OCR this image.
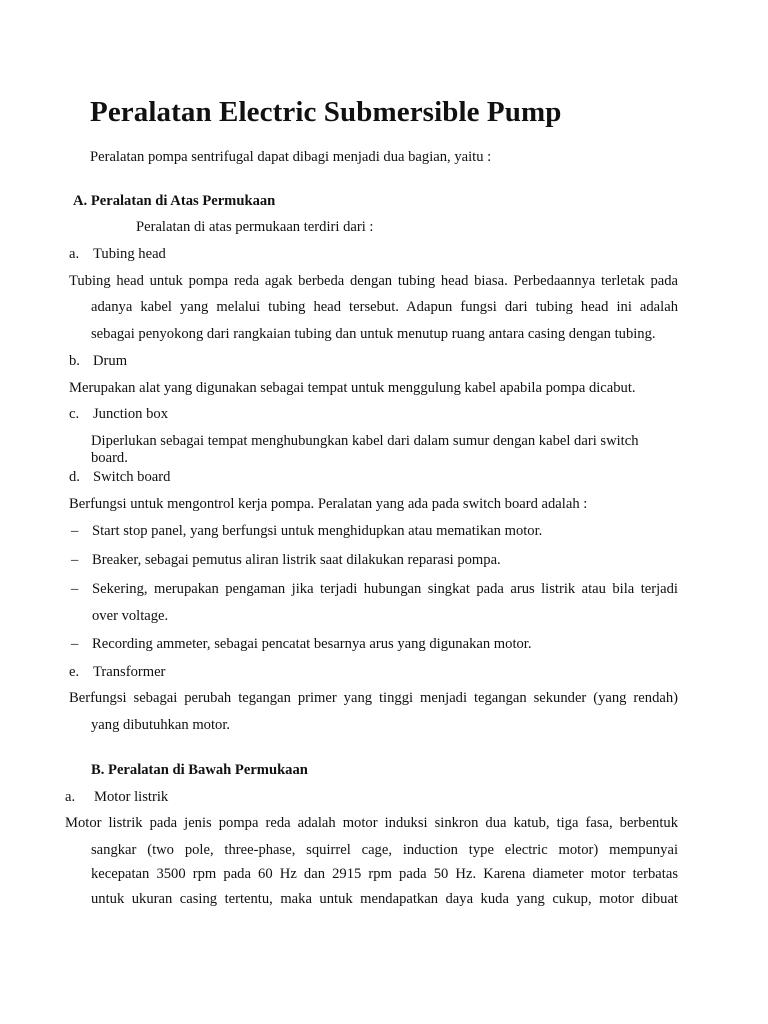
Peralatan Electric Submersible Pump
Peralatan pompa sentrifugal dapat dibagi menjadi dua bagian, yaitu :
A. Peralatan di Atas Permukaan
Peralatan di atas permukaan terdiri dari :
a. Tubing head
Tubing head untuk pompa reda agak berbeda dengan tubing head biasa. Perbedaannya terletak pada
adanya kabel yang melalui tubing head tersebut. Adapun fungsi dari tubing head ini adalah
sebagai penyokong dari rangkaian tubing dan untuk menutup ruang antara casing dengan tubing.
b. Drum
Merupakan alat yang digunakan sebagai tempat untuk menggulung kabel apabila pompa dicabut.
c. Junction box
Diperlukan sebagai tempat menghubungkan kabel dari dalam sumur dengan kabel dari switch
board.
d. Switch board
Berfungsi untuk mengontrol kerja pompa. Peralatan yang ada pada switch board adalah :
– Start stop panel, yang berfungsi untuk menghidupkan atau mematikan motor.
– Breaker, sebagai pemutus aliran listrik saat dilakukan reparasi pompa.
– Sekering, merupakan pengaman jika terjadi hubungan singkat pada arus listrik atau bila terjadi
over voltage.
– Recording ammeter, sebagai pencatat besarnya arus yang digunakan motor.
e. Transformer
Berfungsi sebagai perubah tegangan primer yang tinggi menjadi tegangan sekunder (yang rendah)
yang dibutuhkan motor.
B. Peralatan di Bawah Permukaan
a. Motor listrik
Motor listrik pada jenis pompa reda adalah motor induksi sinkron dua katub, tiga fasa, berbentuk
sangkar (two pole, three-phase, squirrel cage, induction type electric motor) mempunyai
kecepatan 3500 rpm pada 60 Hz dan 2915 rpm pada 50 Hz. Karena diameter motor terbatas
untuk ukuran casing tertentu, maka untuk mendapatkan daya kuda yang cukup, motor dibuat
